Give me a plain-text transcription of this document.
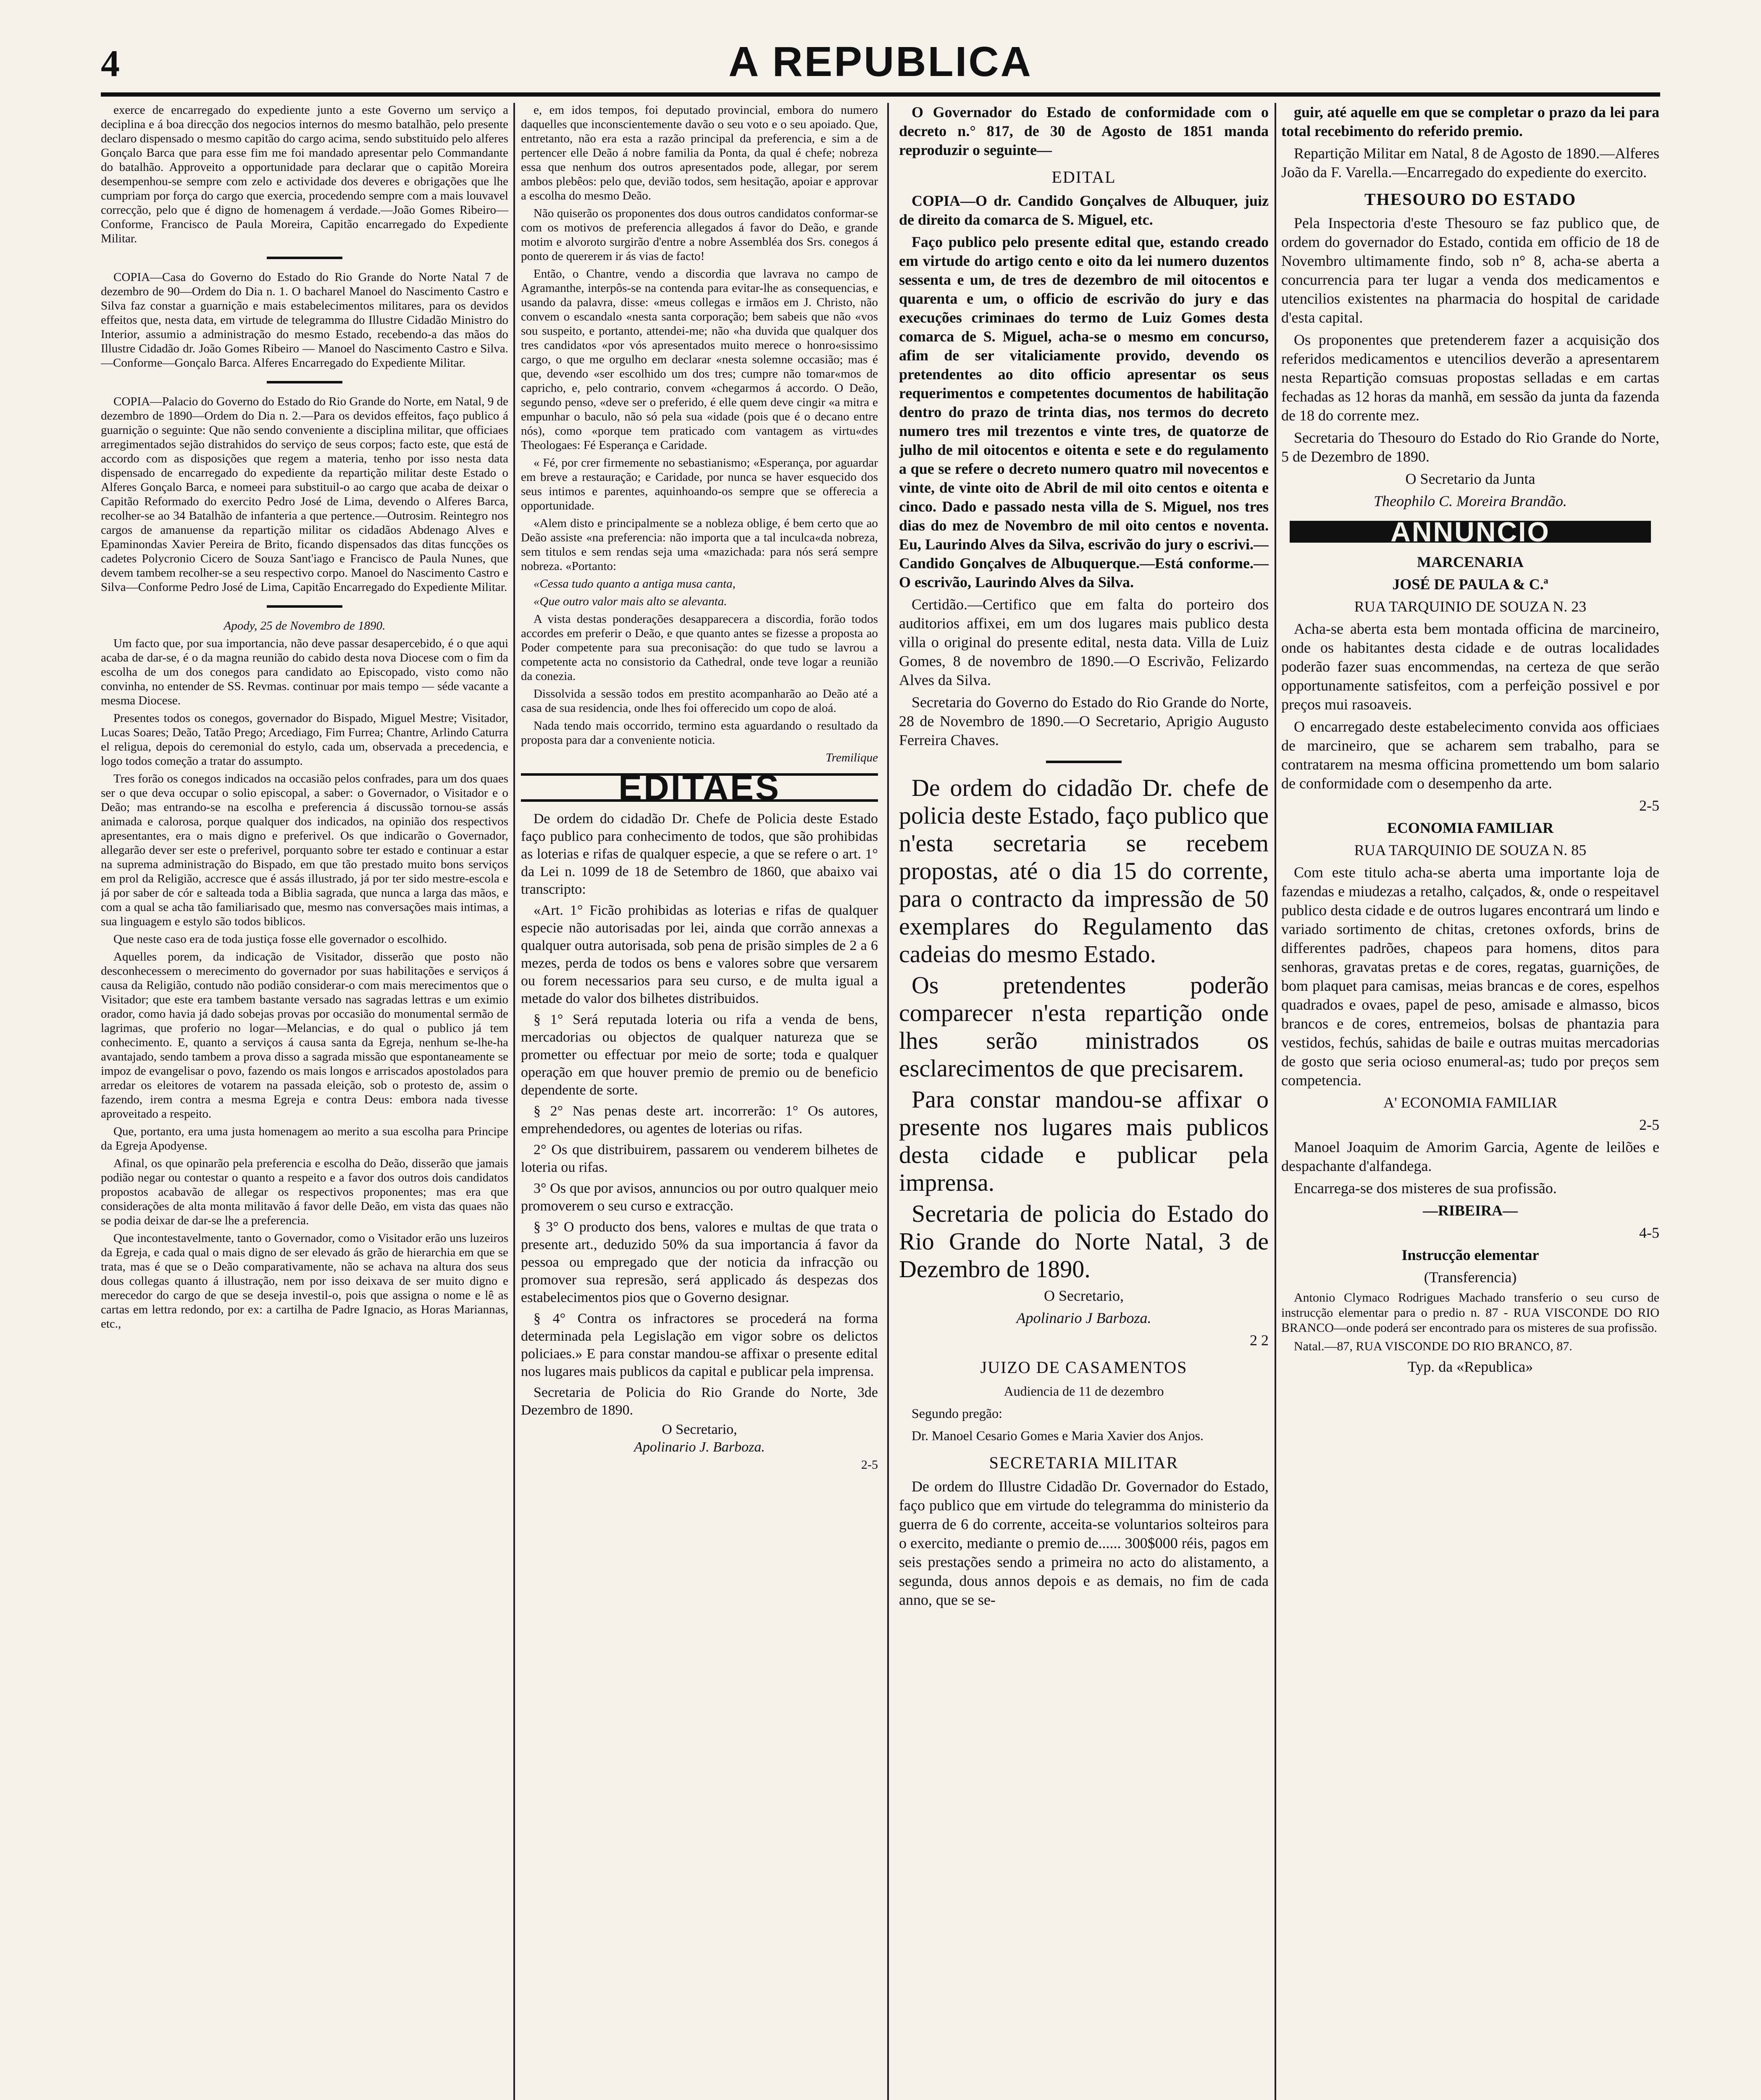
4	A REPUBLICA

exerce de encarregado do expediente junto a este Governo um serviço a deciplina e á boa direcção dos negocios internos do mesmo batalhão, pelo presente declaro dispensado o mesmo capitão do cargo acima, sendo substituido pelo alferes Gonçalo Barca que para esse fim me foi mandado apresentar pelo Commandante do batalhão. Approveito a opportunidade para declarar que o capitão Moreira desempenhou-se sempre com zelo e actividade dos deveres e obrigações que lhe cumpriam por força do cargo que exercia, procedendo sempre com a mais louvavel correcção, pelo que é digno de homenagem á verdade.—João Gomes Ribeiro—Conforme, Francisco de Paula Moreira, Capitão encarregado do Expediente Militar.

COPIA—Casa do Governo do Estado do Rio Grande do Norte Natal 7 de dezembro de 90—Ordem do Dia n. 1. O bacharel Manoel do Nascimento Castro e Silva faz constar a guarnição e mais estabelecimentos militares, para os devidos effeitos que, nesta data, em virtude de telegramma do Illustre Cidadão Ministro do Interior, assumio a administração do mesmo Estado, recebendo-a das mãos do Illustre Cidadão dr. João Gomes Ribeiro — Manoel do Nascimento Castro e Silva.—Conforme—Gonçalo Barca. Alferes Encarregado do Expediente Militar.

COPIA—Palacio do Governo do Estado do Rio Grande do Norte, em Natal, 9 de dezembro de 1890—Ordem do Dia n. 2.—Para os devidos effeitos, faço publico á guarnição o seguinte: Que não sendo conveniente a disciplina militar, que officiaes arregimentados sejão distrahidos do serviço de seus corpos; facto este, que está de accordo com as disposições que regem a materia, tenho por isso nesta data dispensado de encarregado do expediente da repartição militar deste Estado o Alferes Gonçalo Barca, e nomeei para substituil-o ao cargo que acaba de deixar o Capitão Reformado do exercito Pedro José de Lima, devendo o Alferes Barca, recolher-se ao 34 Batalhão de infanteria a que pertence.—Outrosim. Reintegro nos cargos de amanuense da repartição militar os cidadãos Abdenago Alves e Epaminondas Xavier Pereira de Brito, ficando dispensados das ditas funcções os cadetes Polycronio Cicero de Souza Sant'iago e Francisco de Paula Nunes, que devem tambem recolher-se a seu respectivo corpo. Manoel do Nascimento Castro e Silva—Conforme Pedro José de Lima, Capitão Encarregado do Expediente Militar.

Apody, 25 de Novembro de 1890.

Um facto que, por sua importancia, não deve passar desapercebido, é o que aqui acaba de dar-se, é o da magna reunião do cabido desta nova Diocese com o fim da escolha de um dos conegos para candidato ao Episcopado, visto como não convinha, no entender de SS. Revmas. continuar por mais tempo — séde vacante a mesma Diocese.

Presentes todos os conegos, governador do Bispado, Miguel Mestre; Visitador, Lucas Soares; Deão, Tatão Prego; Arcediago, Fim Furrea; Chantre, Arlindo Caturra el religua, depois do ceremonial do estylo, cada um, observada a precedencia, e logo todos começão a tratar do assumpto.

Tres forão os conegos indicados na occasião pelos confrades, para um dos quaes ser o que deva occupar o solio episcopal, a saber: o Governador, o Visitador e o Deão; mas entrando-se na escolha e preferencia á discussão tornou-se assás animada e calorosa, porque qualquer dos indicados, na opinião dos respectivos apresentantes, era o mais digno e preferivel. Os que indicarão o Governador, allegarão dever ser este o preferivel, porquanto sobre ter estado e continuar a estar na suprema administração do Bispado, em que tão prestado muito bons serviços em prol da Religião, accresce que é assás illustrado, já por ter sido mestre-escola e já por saber de cór e salteada toda a Biblia sagrada, que nunca a larga das mãos, e com a qual se acha tão familiarisado que, mesmo nas conversações mais intimas, a sua linguagem e estylo são todos biblicos.

Que neste caso era de toda justiça fosse elle governador o escolhido.

Aquelles porem, da indicação de Visitador, disserão que posto não desconhecessem o merecimento do governador por suas habilitações e serviços á causa da Religião, contudo não podião considerar-o com mais merecimentos que o Visitador; que este era tambem bastante versado nas sagradas lettras e um eximio orador, como havia já dado sobejas provas por occasião do monumental sermão de lagrimas, que proferio no logar—Melancias, e do qual o publico já tem conhecimento. E, quanto a serviços á causa santa da Egreja, nenhum se-lhe-ha avantajado, sendo tambem a prova disso a sagrada missão que espontaneamente se impoz de evangelisar o povo, fazendo os mais longos e arriscados apostolados para arredar os eleitores de votarem na passada eleição, sob o protesto de, assim o fazendo, irem contra a mesma Egreja e contra Deus: embora nada tivesse aproveitado a respeito.

Que, portanto, era uma justa homenagem ao merito a sua escolha para Principe da Egreja Apodyense.

Afinal, os que opinarão pela preferencia e escolha do Deão, disserão que jamais podião negar ou contestar o quanto a respeito e a favor dos outros dois candidatos propostos acabavão de allegar os respectivos proponentes; mas era que considerações de alta monta militavão á favor delle Deão, em vista das quaes não se podia deixar de dar-se lhe a preferencia.

Que incontestavelmente, tanto o Governador, como o Visitador erão uns luzeiros da Egreja, e cada qual o mais digno de ser elevado ás grão de hierarchia em que se trata, mas é que se o Deão comparativamente, não se achava na altura dos seus dous collegas quanto á illustração, nem por isso deixava de ser muito digno e merecedor do cargo de que se deseja investil-o, pois que assigna o nome e lê as cartas em lettra redondo, por ex: a cartilha de Padre Ignacio, as Horas Mariannas, etc.,

e, em idos tempos, foi deputado provincial, embora do numero daquelles que inconscientemente davão o seu voto e o seu apoiado. Que, entretanto, não era esta a razão principal da preferencia, e sim a de pertencer elle Deão á nobre familia da Ponta, da qual é chefe; nobreza essa que nenhum dos outros apresentados pode, allegar, por serem ambos plebêos: pelo que, devião todos, sem hesitação, apoiar e approvar a escolha do mesmo Deão.

Não quiserão os proponentes dos dous outros candidatos conformar-se com os motivos de preferencia allegados á favor do Deão, e grande motim e alvoroto surgirão d'entre a nobre Assembléa dos Srs. conegos á ponto de quererem ir ás vias de facto!

Então, o Chantre, vendo a discordia que lavrava no campo de Agramanthe, interpôs-se na contenda para evitar-lhe as consequencias, e usando da palavra, disse: «meus collegas e irmãos em J. Christo, não convem o escandalo «nesta santa corporação; bem sabeis que não «vos sou suspeito, e portanto, attendei-me; não «ha duvida que qualquer dos tres candidatos «por vós apresentados muito merece o honro«sissimo cargo, o que me orgulho em declarar «nesta solemne occasião; mas é que, devendo «ser escolhido um dos tres; cumpre não tomar«mos de capricho, e, pelo contrario, convem «chegarmos á accordo. O Deão, segundo penso, «deve ser o preferido, é elle quem deve cingir «a mitra e empunhar o baculo, não só pela sua «idade (pois que é o decano entre nós), como «porque tem praticado com vantagem as virtu«des Theologaes: Fé Esperança e Caridade.

« Fé, por crer firmemente no sebastianismo; «Esperança, por aguardar em breve a restauração; e Caridade, por nunca se haver esquecido dos seus intimos e parentes, aquinhoando-os sempre que se offerecia a opportunidade.

«Alem disto e principalmente se a nobleza oblige, é bem certo que ao Deão assiste «na preferencia: não importa que a tal inculca«da nobreza, sem titulos e sem rendas seja uma «mazichada: para nós será sempre nobreza. «Portanto:

«Cessa tudo quanto a antiga musa canta,

«Que outro valor mais alto se alevanta.

A vista destas ponderações desapparecera a discordia, forão todos accordes em preferir o Deão, e que quanto antes se fizesse a proposta ao Poder competente para sua preconisação: do que tudo se lavrou a competente acta no consistorio da Cathedral, onde teve logar a reunião da conezia.

Dissolvida a sessão todos em prestito acompanharão ao Deão até a casa de sua residencia, onde lhes foi offerecido um copo de aloá.

Nada tendo mais occorrido, termino esta aguardando o resultado da proposta para dar a conveniente noticia.

Tremilique

EDITAES

De ordem do cidadão Dr. Chefe de Policia deste Estado faço publico para conhecimento de todos, que são prohibidas as loterias e rifas de qualquer especie, a que se refere o art. 1° da Lei n. 1099 de 18 de Setembro de 1860, que abaixo vai transcripto:

«Art. 1° Ficão prohibidas as loterias e rifas de qualquer especie não autorisadas por lei, ainda que corrão annexas a qualquer outra autorisada, sob pena de prisão simples de 2 a 6 mezes, perda de todos os bens e valores sobre que versarem ou forem necessarios para seu curso, e de multa igual a metade do valor dos bilhetes distribuidos.

§ 1° Será reputada loteria ou rifa a venda de bens, mercadorias ou objectos de qualquer natureza que se prometter ou effectuar por meio de sorte; toda e qualquer operação em que houver premio de premio ou de beneficio dependente de sorte.

§ 2° Nas penas deste art. incorrerão: 1° Os autores, emprehendedores, ou agentes de loterias ou rifas.

2° Os que distribuirem, passarem ou venderem bilhetes de loteria ou rifas.

3° Os que por avisos, annuncios ou por outro qualquer meio promoverem o seu curso e extracção.

§ 3° O producto dos bens, valores e multas de que trata o presente art., deduzido 50% da sua importancia á favor da pessoa ou empregado que der noticia da infracção ou promover sua represão, será applicado ás despezas dos estabelecimentos pios que o Governo designar.

§ 4° Contra os infractores se procederá na forma determinada pela Legislação em vigor sobre os delictos policiaes.» E para constar mandou-se affixar o presente edital nos lugares mais publicos da capital e publicar pela imprensa.

Secretaria de Policia do Rio Grande do Norte, 3de Dezembro de 1890.

O Secretario,

Apolinario J. Barboza.

2-5

O Governador do Estado de conformidade com o decreto n.° 817, de 30 de Agosto de 1851 manda reproduzir o seguinte—

EDITAL

COPIA—O dr. Candido Gonçalves de Albuquer, juiz de direito da comarca de S. Miguel, etc.

Faço publico pelo presente edital que, estando creado em virtude do artigo cento e oito da lei numero duzentos sessenta e um, de tres de dezembro de mil oitocentos e quarenta e um, o officio de escrivão do jury e das execuções criminaes do termo de Luiz Gomes desta comarca de S. Miguel, acha-se o mesmo em concurso, afim de ser vitaliciamente provido, devendo os pretendentes ao dito officio apresentar os seus requerimentos e competentes documentos de habilitação dentro do prazo de trinta dias, nos termos do decreto numero tres mil trezentos e vinte tres, de quatorze de julho de mil oitocentos e oitenta e sete e do regulamento a que se refere o decreto numero quatro mil novecentos e vinte, de vinte oito de Abril de mil oito centos e oitenta e cinco. Dado e passado nesta villa de S. Miguel, nos tres dias do mez de Novembro de mil oito centos e noventa. Eu, Laurindo Alves da Silva, escrivão do jury o escrivi.—Candido Gonçalves de Albuquerque.—Está conforme.—O escrivão, Laurindo Alves da Silva.

Certidão.—Certifico que em falta do porteiro dos auditorios affixei, em um dos lugares mais publico desta villa o original do presente edital, nesta data. Villa de Luiz Gomes, 8 de novembro de 1890.—O Escrivão, Felizardo Alves da Silva.

Secretaria do Governo do Estado do Rio Grande do Norte, 28 de Novembro de 1890.—O Secretario, Aprigio Augusto Ferreira Chaves.

De ordem do cidadão Dr. chefe de policia deste Estado, faço publico que n'esta secretaria se recebem propostas, até o dia 15 do corrente, para o contracto da impressão de 50 exemplares do Regulamento das cadeias do mesmo Estado.

Os pretendentes poderão comparecer n'esta repartição onde lhes serão ministrados os esclarecimentos de que precisarem.

Para constar mandou-se affixar o presente nos lugares mais publicos desta cidade e publicar pela imprensa.

Secretaria de policia do Estado do Rio Grande do Norte Natal, 3 de Dezembro de 1890.

O Secretario,

Apolinario J Barboza.

2 2

JUIZO DE CASAMENTOS

Audiencia de 11 de dezembro

Segundo pregão:

Dr. Manoel Cesario Gomes e Maria Xavier dos Anjos.

SECRETARIA MILITAR

De ordem do Illustre Cidadão Dr. Governador do Estado, faço publico que em virtude do telegramma do ministerio da guerra de 6 do corrente, acceita-se voluntarios solteiros para o exercito, mediante o premio de...... 300$000 réis, pagos em seis prestações sendo a primeira no acto do alistamento, a segunda, dous annos depois e as demais, no fim de cada anno, que se se-

guir, até aquelle em que se completar o prazo da lei para total recebimento do referido premio.

Repartição Militar em Natal, 8 de Agosto de 1890.—Alferes João da F. Varella.—Encarregado do expediente do exercito.

THESOURO DO ESTADO

Pela Inspectoria d'este Thesouro se faz publico que, de ordem do governador do Estado, contida em officio de 18 de Novembro ultimamente findo, sob n° 8, acha-se aberta a concurrencia para ter lugar a venda dos medicamentos e utencilios existentes na pharmacia do hospital de caridade d'esta capital.

Os proponentes que pretenderem fazer a acquisição dos referidos medicamentos e utencilios deverão a apresentarem nesta Repartição comsuas propostas selladas e em cartas fechadas as 12 horas da manhã, em sessão da junta da fazenda de 18 do corrente mez.

Secretaria do Thesouro do Estado do Rio Grande do Norte, 5 de Dezembro de 1890.

O Secretario da Junta

Theophilo C. Moreira Brandão.

ANNUNCIO

MARCENARIA

JOSÉ DE PAULA & C.ª

RUA TARQUINIO DE SOUZA N. 23

Acha-se aberta esta bem montada officina de marcineiro, onde os habitantes desta cidade e de outras localidades poderão fazer suas encommendas, na certeza de que serão opportunamente satisfeitos, com a perfeição possivel e por preços mui rasoaveis.

O encarregado deste estabelecimento convida aos officiaes de marcineiro, que se acharem sem trabalho, para se contratarem na mesma officina promettendo um bom salario de conformidade com o desempenho da arte.

2-5

ECONOMIA FAMILIAR

RUA TARQUINIO DE SOUZA N. 85

Com este titulo acha-se aberta uma importante loja de fazendas e miudezas a retalho, calçados, &, onde o respeitavel publico desta cidade e de outros lugares encontrará um lindo e variado sortimento de chitas, cretones oxfords, brins de differentes padrões, chapeos para homens, ditos para senhoras, gravatas pretas e de cores, regatas, guarnições, de bom plaquet para camisas, meias brancas e de cores, espelhos quadrados e ovaes, papel de peso, amisade e almasso, bicos brancos e de cores, entremeios, bolsas de phantazia para vestidos, fechús, sahidas de baile e outras muitas mercadorias de gosto que seria ocioso enumeral-as; tudo por preços sem competencia.

A' ECONOMIA FAMILIAR

2-5

Manoel Joaquim de Amorim Garcia, Agente de leilões e despachante d'alfandega.

Encarrega-se dos misteres de sua profissão.

—RIBEIRA—

4-5

Instrucção elementar

(Transferencia)

Antonio Clymaco Rodrigues Machado transferio o seu curso de instrucção elementar para o predio n. 87 - RUA VISCONDE DO RIO BRANCO—onde poderá ser encontrado para os misteres de sua profissão.

Natal.—87, RUA VISCONDE DO RIO BRANCO, 87.

Typ. da «Republica»
